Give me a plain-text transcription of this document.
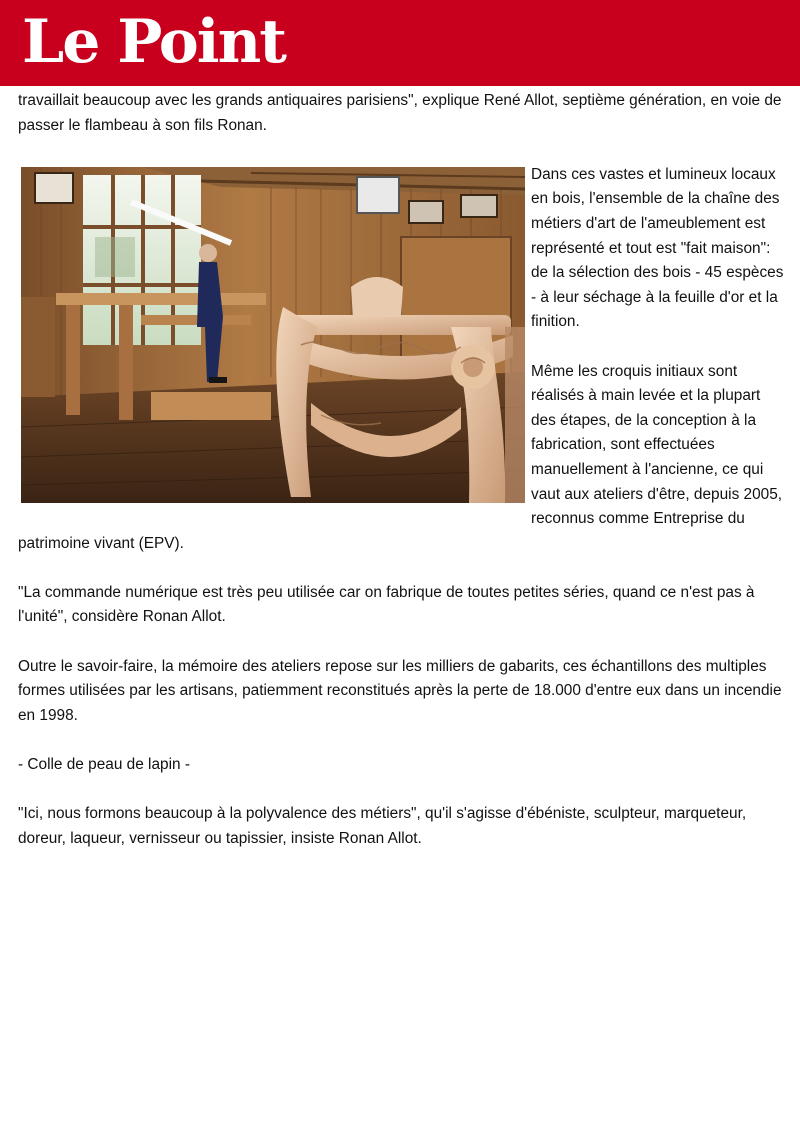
Le Point

travaillait beaucoup avec les grands antiquaires parisiens", explique René Allot, septième génération, en voie de passer le flambeau à son fils Ronan.

Dans ces vastes et lumineux locaux en bois, l'ensemble de la chaîne des métiers d'art de l'ameublement est représenté et tout est "fait maison": de la sélection des bois - 45 espèces - à leur séchage à la feuille d'or et la finition.

Même les croquis initiaux sont réalisés à main levée et la plupart des étapes, de la conception à la fabrication, sont effectuées manuellement à l'ancienne, ce qui vaut aux ateliers d'être, depuis 2005, reconnus comme Entreprise du patrimoine vivant (EPV).

"La commande numérique est très peu utilisée car on fabrique de toutes petites séries, quand ce n'est pas à l'unité", considère Ronan Allot.

Outre le savoir-faire, la mémoire des ateliers repose sur les milliers de gabarits, ces échantillons des multiples formes utilisées par les artisans, patiemment reconstitués après la perte de 18.000 d'entre eux dans un incendie en 1998.

- Colle de peau de lapin -

"Ici, nous formons beaucoup à la polyvalence des métiers", qu'il s'agisse d'ébéniste, sculpteur, marqueteur, doreur, laqueur, vernisseur ou tapissier, insiste Ronan Allot.
